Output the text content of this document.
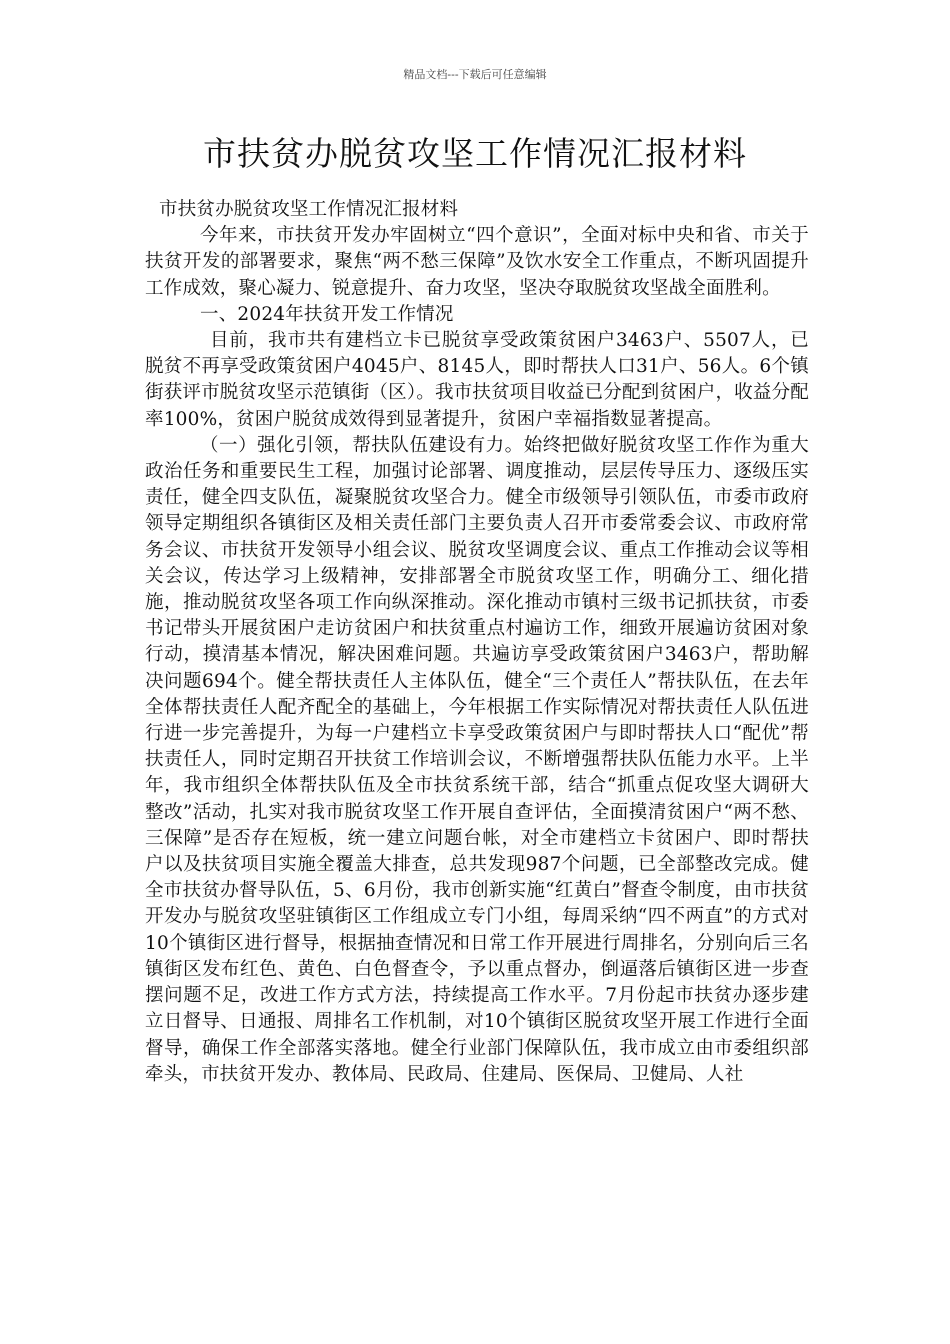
精品文档---下载后可任意编辑
市扶贫办脱贫攻坚工作情况汇报材料

市扶贫办脱贫攻坚工作情况汇报材料

今年来，市扶贫开发办牢固树立“四个意识”，全面对标中央和省、市关于扶贫开发的部署要求，聚焦“两不愁三保障”及饮水安全工作重点，不断巩固提升工作成效，聚心凝力、锐意提升、奋力攻坚，坚决夺取脱贫攻坚战全面胜利。

一、2024年扶贫开发工作情况

目前，我市共有建档立卡已脱贫享受政策贫困户3463户、5507人，已脱贫不再享受政策贫困户4045户、8145人，即时帮扶人口31户、56人。6个镇街获评市脱贫攻坚示范镇街（区）。我市扶贫项目收益已分配到贫困户，收益分配率100%，贫困户脱贫成效得到显著提升，贫困户幸福指数显著提高。

（一）强化引领，帮扶队伍建设有力。始终把做好脱贫攻坚工作作为重大政治任务和重要民生工程，加强讨论部署、调度推动，层层传导压力、逐级压实责任，健全四支队伍，凝聚脱贫攻坚合力。健全市级领导引领队伍，市委市政府领导定期组织各镇街区及相关责任部门主要负责人召开市委常委会议、市政府常务会议、市扶贫开发领导小组会议、脱贫攻坚调度会议、重点工作推动会议等相关会议，传达学习上级精神，安排部署全市脱贫攻坚工作，明确分工、细化措施，推动脱贫攻坚各项工作向纵深推动。深化推动市镇村三级书记抓扶贫，市委书记带头开展贫困户走访贫困户和扶贫重点村遍访工作，细致开展遍访贫困对象行动，摸清基本情况，解决困难问题。共遍访享受政策贫困户3463户，帮助解决问题694个。健全帮扶责任人主体队伍，健全“三个责任人”帮扶队伍，在去年全体帮扶责任人配齐配全的基础上，今年根据工作实际情况对帮扶责任人队伍进行进一步完善提升，为每一户建档立卡享受政策贫困户与即时帮扶人口“配优”帮扶责任人，同时定期召开扶贫工作培训会议，不断增强帮扶队伍能力水平。上半年，我市组织全体帮扶队伍及全市扶贫系统干部，结合“抓重点促攻坚大调研大整改”活动，扎实对我市脱贫攻坚工作开展自查评估，全面摸清贫困户“两不愁、三保障”是否存在短板，统一建立问题台帐，对全市建档立卡贫困户、即时帮扶户以及扶贫项目实施全覆盖大排查，总共发现987个问题，已全部整改完成。健全市扶贫办督导队伍，5、6月份，我市创新实施“红黄白”督查令制度，由市扶贫开发办与脱贫攻坚驻镇街区工作组成立专门小组，每周采纳“四不两直”的方式对10个镇街区进行督导，根据抽查情况和日常工作开展进行周排名，分别向后三名镇街区发布红色、黄色、白色督查令，予以重点督办，倒逼落后镇街区进一步查摆问题不足，改进工作方式方法，持续提高工作水平。7月份起市扶贫办逐步建立日督导、日通报、周排名工作机制，对10个镇街区脱贫攻坚开展工作进行全面督导，确保工作全部落实落地。健全行业部门保障队伍，我市成立由市委组织部牵头，市扶贫开发办、教体局、民政局、住建局、医保局、卫健局、人社
